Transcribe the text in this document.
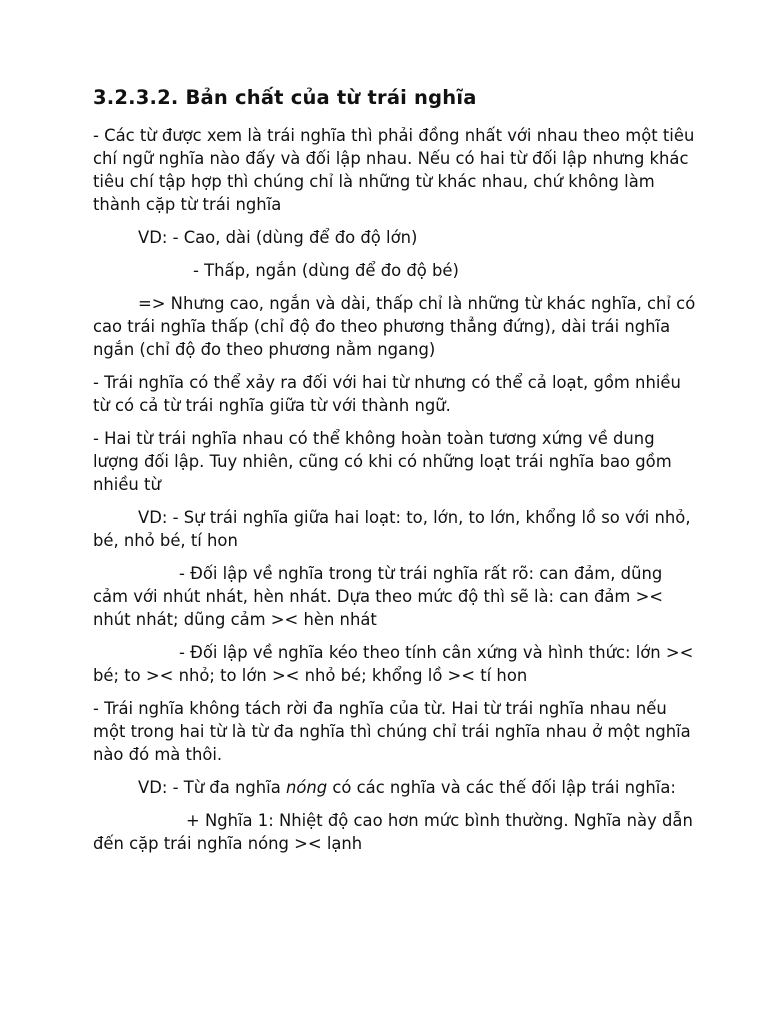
3.2.3.2. Bản chất của từ trái nghĩa

- Các từ được xem là trái nghĩa thì phải đồng nhất với nhau theo một tiêu chí ngữ nghĩa nào đấy và đối lập nhau. Nếu có hai từ đối lập nhưng khác tiêu chí tập hợp thì chúng chỉ là những từ khác nhau, chứ không làm thành cặp từ trái nghĩa

VD: - Cao, dài (dùng để đo độ lớn)

- Thấp, ngắn (dùng để đo độ bé)

=> Nhưng cao, ngắn và dài, thấp chỉ là những từ khác nghĩa, chỉ có cao trái nghĩa thấp (chỉ độ đo theo phương thẳng đứng), dài trái nghĩa ngắn (chỉ độ đo theo phương nằm ngang)

- Trái nghĩa có thể xảy ra đối với hai từ nhưng có thể cả loạt, gồm nhiều từ có cả từ trái nghĩa giữa từ với thành ngữ.

- Hai từ trái nghĩa nhau có thể không hoàn toàn tương xứng về dung lượng đối lập. Tuy nhiên, cũng có khi có những loạt trái nghĩa bao gồm nhiều từ

VD: - Sự trái nghĩa giữa hai loạt: to, lớn, to lớn, khổng lồ so với nhỏ, bé, nhỏ bé, tí hon

- Đối lập về nghĩa trong từ trái nghĩa rất rõ: can đảm, dũng cảm với nhút nhát, hèn nhát. Dựa theo mức độ thì sẽ là: can đảm >< nhút nhát; dũng cảm >< hèn nhát

- Đối lập về nghĩa kéo theo tính cân xứng và hình thức: lớn >< bé; to >< nhỏ; to lớn >< nhỏ bé; khổng lồ >< tí hon

- Trái nghĩa không tách rời đa nghĩa của từ. Hai từ trái nghĩa nhau nếu một trong hai từ là từ đa nghĩa thì chúng chỉ trái nghĩa nhau ở một nghĩa nào đó mà thôi.

VD: - Từ đa nghĩa nóng có các nghĩa và các thế đối lập trái nghĩa:

+ Nghĩa 1: Nhiệt độ cao hơn mức bình thường. Nghĩa này dẫn đến cặp trái nghĩa nóng >< lạnh
